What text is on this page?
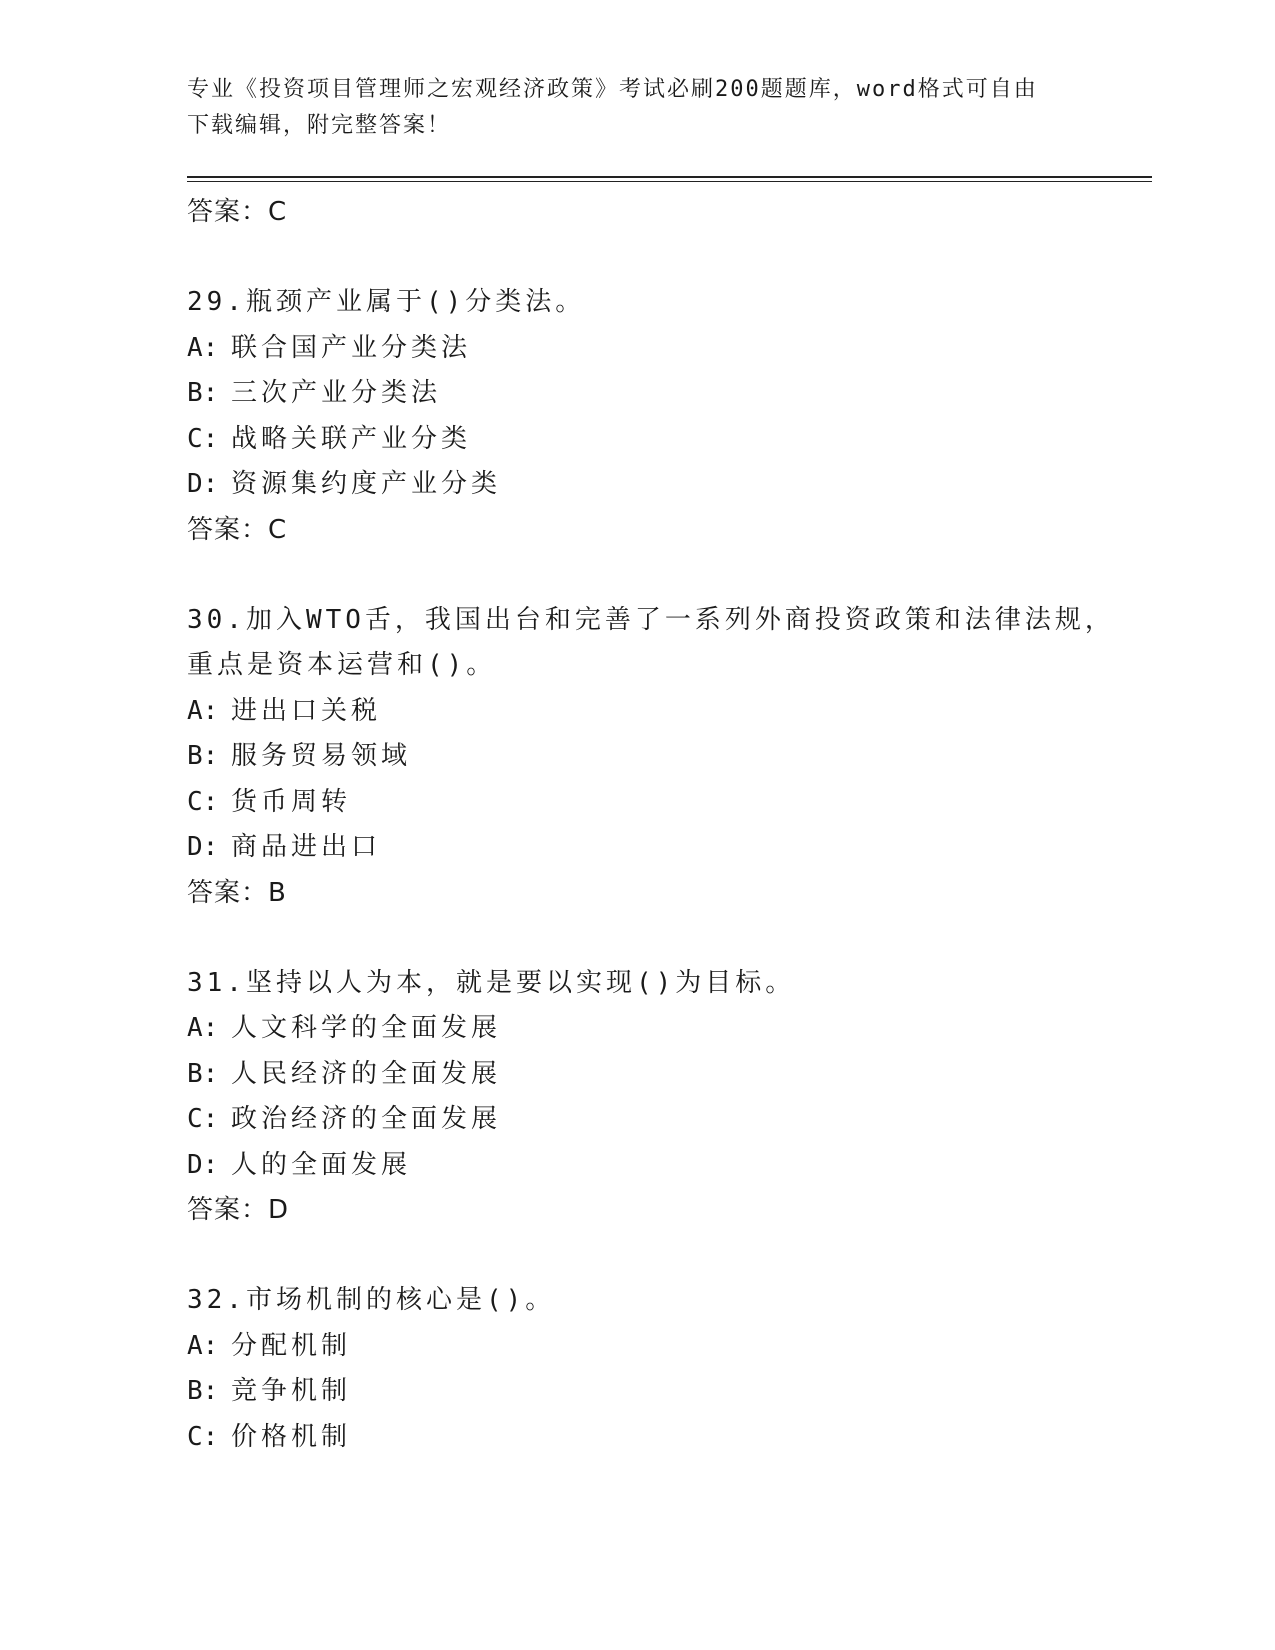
专业《投资项目管理师之宏观经济政策》考试必刷200题题库，word格式可自由
下载编辑，附完整答案！
答案：C
29.瓶颈产业属于()分类法。
A: 联合国产业分类法
B: 三次产业分类法
C: 战略关联产业分类
D: 资源集约度产业分类
答案：C
30.加入WTO舌，我国出台和完善了一系列外商投资政策和法律法规，
重点是资本运营和()。
A: 进出口关税
B: 服务贸易领域
C: 货币周转
D: 商品进出口
答案：B
31.坚持以人为本，就是要以实现()为目标。
A: 人文科学的全面发展
B: 人民经济的全面发展
C: 政治经济的全面发展
D: 人的全面发展
答案：D
32.市场机制的核心是()。
A: 分配机制
B: 竞争机制
C: 价格机制
